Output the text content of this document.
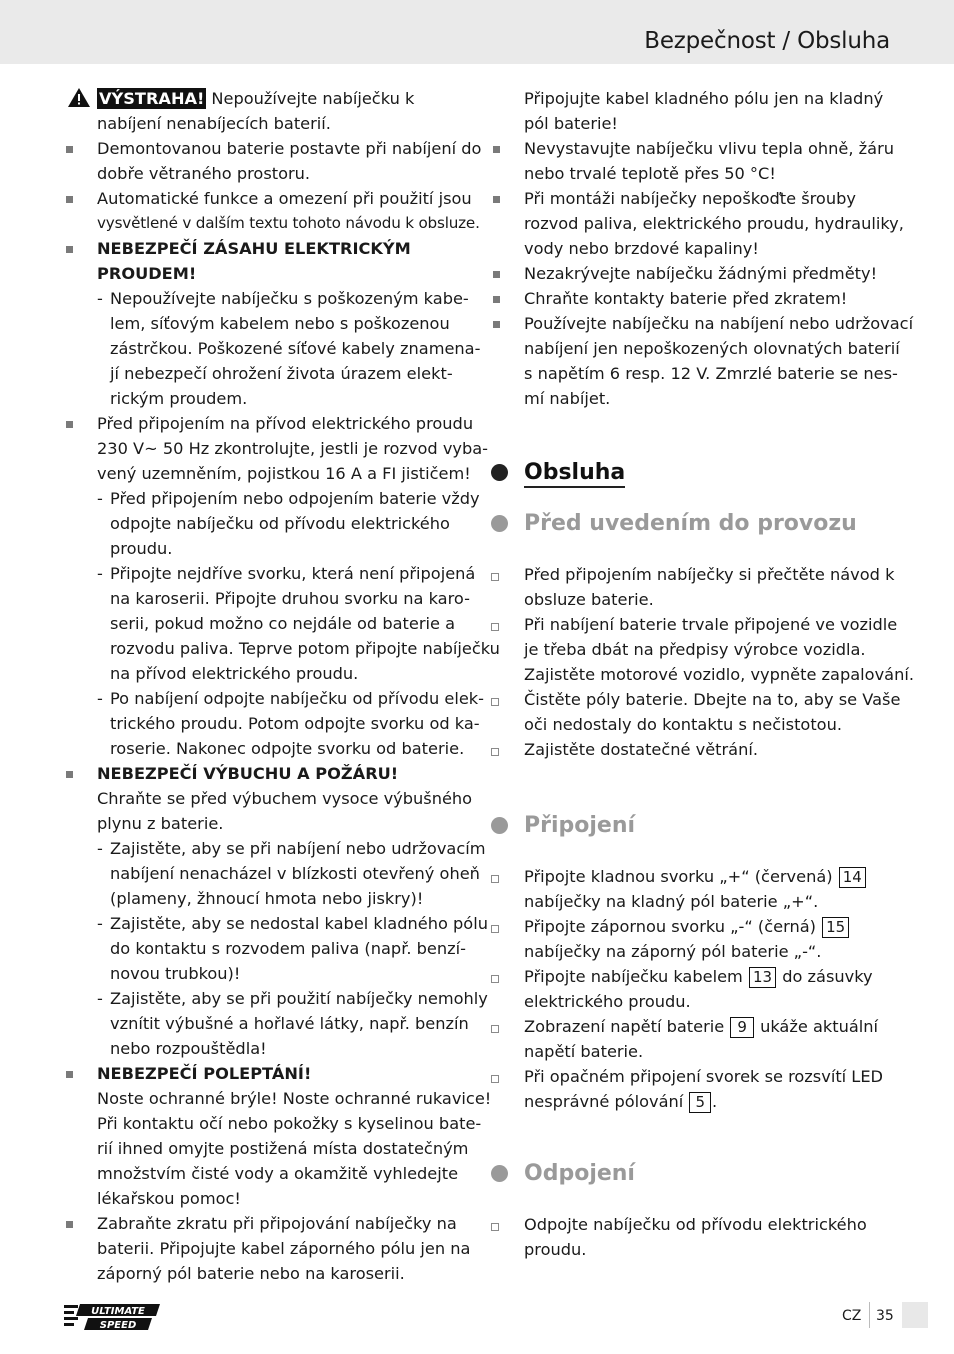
Bezpečnost / Obsluha
VÝSTRAHA! Nepoužívejte nabíječku k
nabíjení nenabíjecích baterií.
Demontovanou baterie postavte při nabíjení do
dobře větraného prostoru.
Automatické funkce a omezení při použití jsou
vysvětlené v dalším textu tohoto návodu k obsluze.
NEBEZPEČÍ ZÁSAHU ELEKTRICKÝM
PROUDEM!
- Nepoužívejte nabíječku s poškozeným kabe-
lem, síťovým kabelem nebo s poškozenou
zástrčkou. Poškozené síťové kabely znamena-
jí nebezpečí ohrožení života úrazem elekt-
rickým proudem.
Před připojením na přívod elektrického proudu
230 V~ 50 Hz zkontrolujte, jestli je rozvod vyba-
vený uzemněním, pojistkou 16 A a FI jističem!
- Před připojením nebo odpojením baterie vždy
odpojte nabíječku od přívodu elektrického
proudu.
- Připojte nejdříve svorku, která není připojená
na karoserii. Připojte druhou svorku na karo-
serii, pokud možno co nejdále od baterie a
rozvodu paliva. Teprve potom připojte nabíječku
na přívod elektrického proudu.
- Po nabíjení odpojte nabíječku od přívodu elek-
trického proudu. Potom odpojte svorku od ka-
roserie. Nakonec odpojte svorku od baterie.
NEBEZPEČÍ VÝBUCHU A POŽÁRU!
Chraňte se před výbuchem vysoce výbušného
plynu z baterie.
- Zajistěte, aby se při nabíjení nebo udržovacím
nabíjení nenacházel v blízkosti otevřený oheň
(plameny, žhnoucí hmota nebo jiskry)!
- Zajistěte, aby se nedostal kabel kladného pólu
do kontaktu s rozvodem paliva (např. benzí-
novou trubkou)!
- Zajistěte, aby se při použití nabíječky nemohly
vznítit výbušné a hořlavé látky, např. benzín
nebo rozpouštědla!
NEBEZPEČÍ POLEPTÁNÍ!
Noste ochranné brýle! Noste ochranné rukavice!
Při kontaktu očí nebo pokožky s kyselinou bate-
rií ihned omyjte postižená místa dostatečným
množstvím čisté vody a okamžitě vyhledejte
lékařskou pomoc!
Zabraňte zkratu při připojování nabíječky na
baterii. Připojujte kabel záporného pólu jen na
záporný pól baterie nebo na karoserii.
Připojujte kabel kladného pólu jen na kladný
pól baterie!
Nevystavujte nabíječku vlivu tepla ohně, žáru
nebo trvalé teplotě přes 50 °C!
Při montáži nabíječky nepoškoďte šrouby
rozvod paliva, elektrického proudu, hydrauliky,
vody nebo brzdové kapaliny!
Nezakrývejte nabíječku žádnými předměty!
Chraňte kontakty baterie před zkratem!
Používejte nabíječku na nabíjení nebo udržovací
nabíjení jen nepoškozených olovnatých baterií
s napětím 6 resp. 12 V. Zmrzlé baterie se nes-
mí nabíjet.
Obsluha
Před uvedením do provozu
Před připojením nabíječky si přečtěte návod k
obsluze baterie.
Při nabíjení baterie trvale připojené ve vozidle
je třeba dbát na předpisy výrobce vozidla.
Zajistěte motorové vozidlo, vypněte zapalování.
Čistěte póly baterie. Dbejte na to, aby se Vaše
oči nedostaly do kontaktu s nečistotou.
Zajistěte dostatečné větrání.
Připojení
Připojte kladnou svorku „+“ (červená) 14
nabíječky na kladný pól baterie „+“.
Připojte zápornou svorku „-“ (černá) 15
nabíječky na záporný pól baterie „-“.
Připojte nabíječku kabelem 13 do zásuvky
elektrického proudu.
Zobrazení napětí baterie 9 ukáže aktuální
napětí baterie.
Při opačném připojení svorek se rozsvítí LED
nesprávné pólování 5 .
Odpojení
Odpojte nabíječku od přívodu elektrického
proudu.
ULTIMATE
SPEED
CZ 35
